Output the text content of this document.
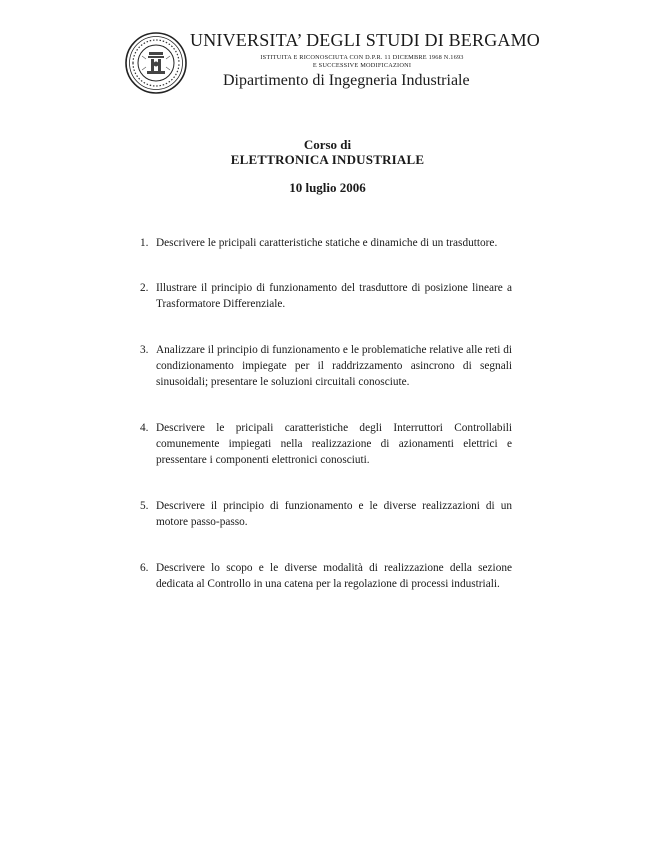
UNIVERSITA’ DEGLI STUDI DI BERGAMO
ISTITUITA E RICONOSCIUTA CON D.P.R. 11 DICEMBRE 1968 N.1693
E SUCCESSIVE MODIFICAZIONI
Dipartimento di Ingegneria Industriale
Corso di
ELETTRONICA INDUSTRIALE
10 luglio 2006
1. Descrivere le pricipali caratteristiche statiche e dinamiche di un trasduttore.
2. Illustrare il principio di funzionamento del trasduttore di posizione lineare a Trasformatore Differenziale.
3. Analizzare il principio di funzionamento e le problematiche relative alle reti di condizionamento impiegate per il raddrizzamento asincrono di segnali sinusoidali; presentare le soluzioni circuitali conosciute.
4. Descrivere le pricipali caratteristiche degli Interruttori Controllabili comunemente impiegati nella realizzazione di azionamenti elettrici e pressentare i componenti elettronici conosciuti.
5. Descrivere il principio di funzionamento e le diverse realizzazioni di un motore passo-passo.
6. Descrivere lo scopo e le diverse modalità di realizzazione della sezione dedicata al Controllo in una catena per la regolazione di processi industriali.
